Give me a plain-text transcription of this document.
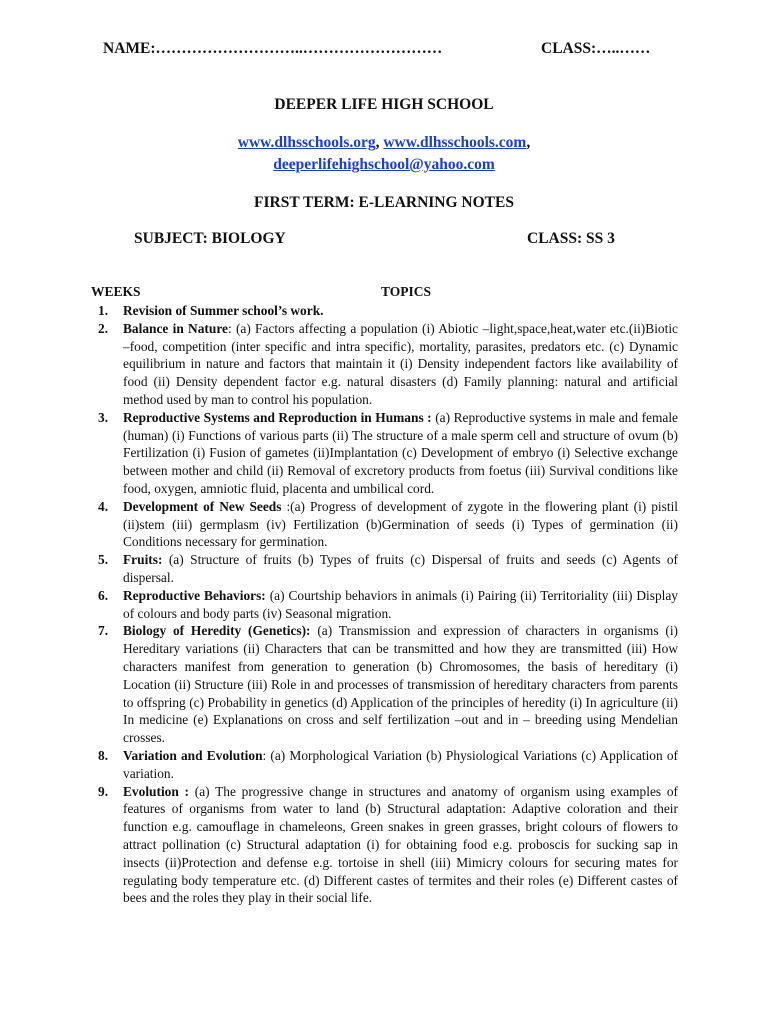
NAME:………………………..………………………	CLASS:…..……
DEEPER LIFE HIGH SCHOOL
www.dlhsschools.org, www.dlhsschools.com,
deeperlifehighschool@yahoo.com
FIRST TERM: E-LEARNING NOTES
SUBJECT: BIOLOGY	CLASS: SS 3
WEEKS	TOPICS
1. Revision of Summer school’s work.
2. Balance in Nature: (a) Factors affecting a population (i) Abiotic –light,space,heat,water etc.(ii)Biotic –food, competition (inter specific and intra specific), mortality, parasites, predators etc. (c) Dynamic equilibrium in nature and factors that maintain it (i) Density independent factors like availability of food (ii) Density dependent factor e.g. natural disasters (d) Family planning: natural and artificial method used by man to control his population.
3. Reproductive Systems and Reproduction in Humans : (a) Reproductive systems in male and female (human) (i) Functions of various parts (ii) The structure of a male sperm cell and structure of ovum (b) Fertilization (i) Fusion of gametes (ii)Implantation (c) Development of embryo (i) Selective exchange between mother and child (ii) Removal of excretory products from foetus (iii) Survival conditions like food, oxygen, amniotic fluid, placenta and umbilical cord.
4. Development of New Seeds :(a) Progress of development of zygote in the flowering plant (i) pistil (ii)stem (iii) germplasm (iv) Fertilization (b)Germination of seeds (i) Types of germination (ii) Conditions necessary for germination.
5. Fruits: (a) Structure of fruits (b) Types of fruits (c) Dispersal of fruits and seeds (c) Agents of dispersal.
6. Reproductive Behaviors: (a) Courtship behaviors in animals (i) Pairing (ii) Territoriality (iii) Display of colours and body parts (iv) Seasonal migration.
7. Biology of Heredity (Genetics): (a) Transmission and expression of characters in organisms (i) Hereditary variations (ii) Characters that can be transmitted and how they are transmitted (iii) How characters manifest from generation to generation (b) Chromosomes, the basis of hereditary (i) Location (ii) Structure (iii) Role in and processes of transmission of hereditary characters from parents to offspring (c) Probability in genetics (d) Application of the principles of heredity (i) In agriculture (ii) In medicine (e) Explanations on cross and self fertilization –out and in – breeding using Mendelian crosses.
8. Variation and Evolution: (a) Morphological Variation (b) Physiological Variations (c) Application of variation.
9. Evolution : (a) The progressive change in structures and anatomy of organism using examples of features of organisms from water to land (b) Structural adaptation: Adaptive coloration and their function e.g. camouflage in chameleons, Green snakes in green grasses, bright colours of flowers to attract pollination (c) Structural adaptation (i) for obtaining food e.g. proboscis for sucking sap in insects (ii)Protection and defense e.g. tortoise in shell (iii) Mimicry colours for securing mates for regulating body temperature etc. (d) Different castes of termites and their roles (e) Different castes of bees and the roles they play in their social life.
